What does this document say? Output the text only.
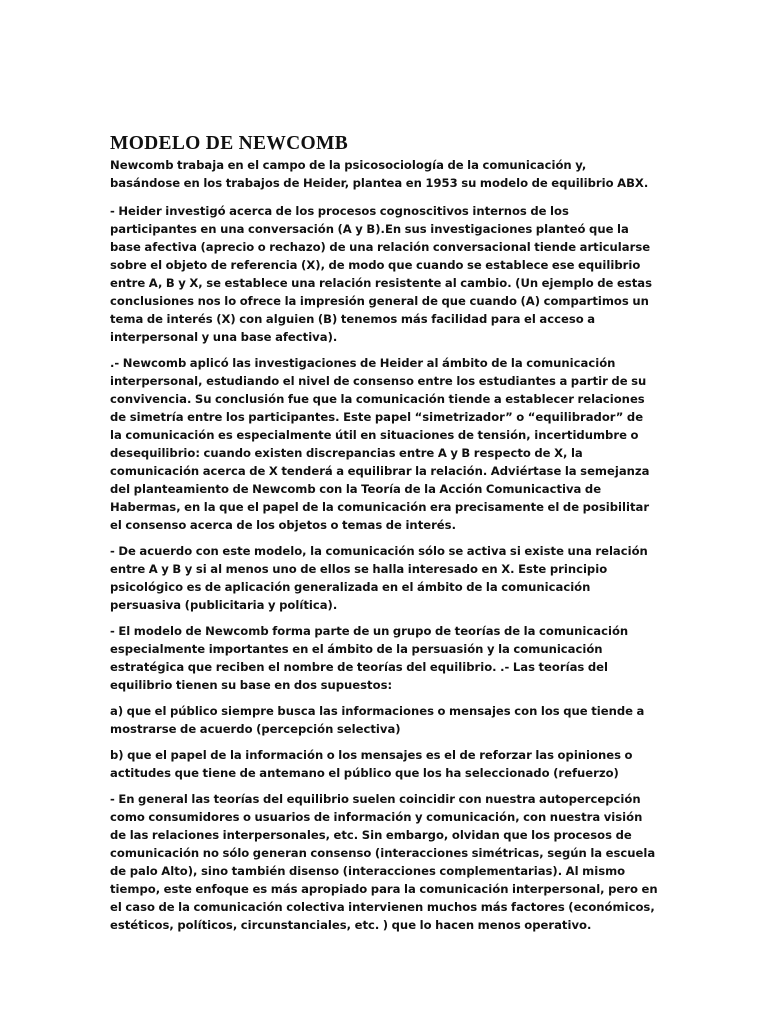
MODELO DE NEWCOMB

Newcomb trabaja en el campo de la psicosociología de la comunicación y, basándose en los trabajos de Heider, plantea en 1953 su modelo de equilibrio ABX.

- Heider investigó acerca de los procesos cognoscitivos internos de los participantes en una conversación (A y B).En sus investigaciones planteó que la base afectiva (aprecio o rechazo) de una relación conversacional tiende articularse sobre el objeto de referencia (X), de modo que cuando se establece ese equilibrio entre A, B y X, se establece una relación resistente al cambio. (Un ejemplo de estas conclusiones nos lo ofrece la impresión general de que cuando (A) compartimos un tema de interés (X) con alguien (B) tenemos más facilidad para el acceso a interpersonal y una base afectiva).

.- Newcomb aplicó las investigaciones de Heider al ámbito de la comunicación interpersonal, estudiando el nivel de consenso entre los estudiantes a partir de su convivencia. Su conclusión fue que la comunicación tiende a establecer relaciones de simetría entre los participantes. Este papel “simetrizador” o “equilibrador” de la comunicación es especialmente útil en situaciones de tensión, incertidumbre o desequilibrio: cuando existen discrepancias entre A y B respecto de X, la comunicación acerca de X tenderá a equilibrar la relación. Adviértase la semejanza del planteamiento de Newcomb con la Teoría de la Acción Comunicactiva de Habermas, en la que el papel de la comunicación era precisamente el de posibilitar el consenso acerca de los objetos o temas de interés.

- De acuerdo con este modelo, la comunicación sólo se activa si existe una relación entre A y B y si al menos uno de ellos se halla interesado en X. Este principio psicológico es de aplicación generalizada en el ámbito de la comunicación persuasiva (publicitaria y política).

- El modelo de Newcomb forma parte de un grupo de teorías de la comunicación especialmente importantes en el ámbito de la persuasión y la comunicación estratégica que reciben el nombre de teorías del equilibrio. .- Las teorías del equilibrio tienen su base en dos supuestos:

a) que el público siempre busca las informaciones o mensajes con los que tiende a mostrarse de acuerdo (percepción selectiva)

b) que el papel de la información o los mensajes es el de reforzar las opiniones o actitudes que tiene de antemano el público que los ha seleccionado (refuerzo)

- En general las teorías del equilibrio suelen coincidir con nuestra autopercepción como consumidores o usuarios de información y comunicación, con nuestra visión de las relaciones interpersonales, etc. Sin embargo, olvidan que los procesos de comunicación no sólo generan consenso (interacciones simétricas, según la escuela de palo Alto), sino también disenso (interacciones complementarias). Al mismo tiempo, este enfoque es más apropiado para la comunicación interpersonal, pero en el caso de la comunicación colectiva intervienen muchos más factores (económicos, estéticos, políticos, circunstanciales, etc. ) que lo hacen menos operativo.
